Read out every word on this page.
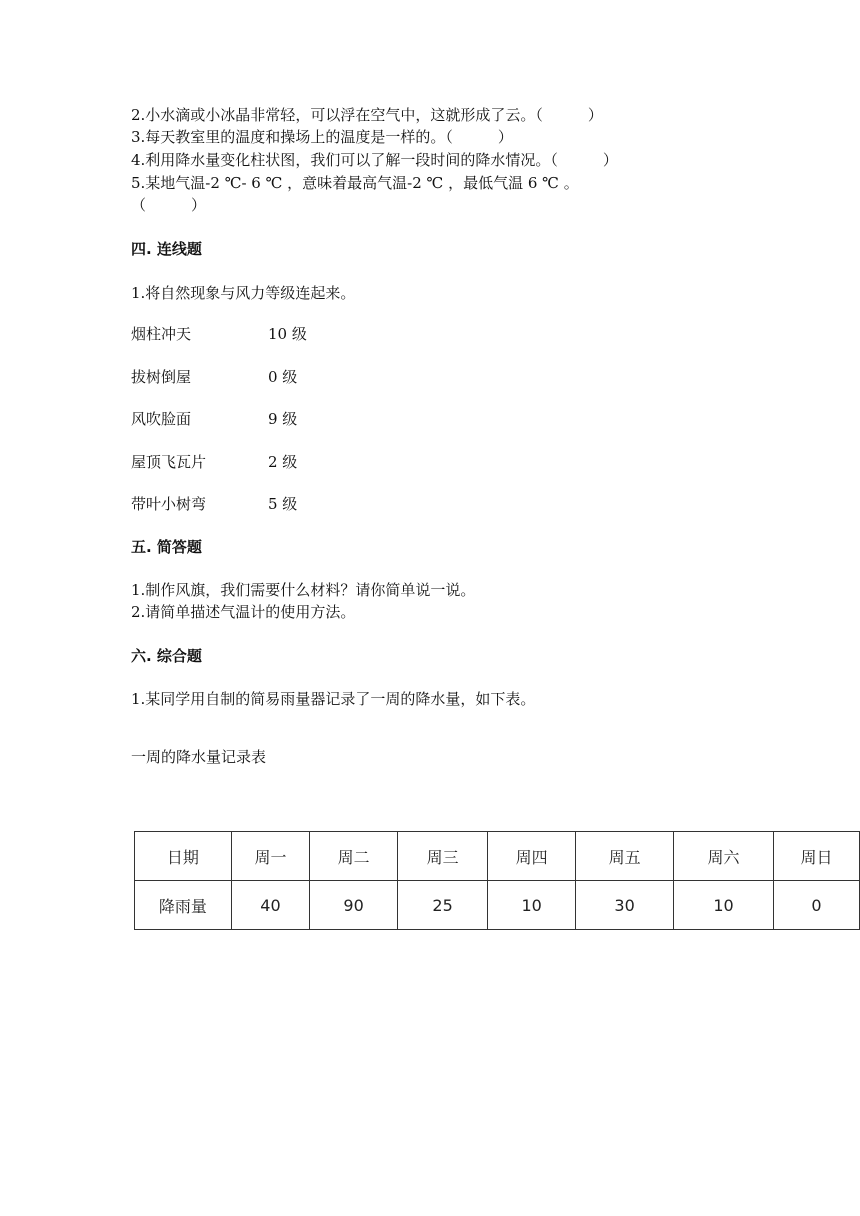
2.小水滴或小冰晶非常轻，可以浮在空气中，这就形成了云。（　　　）
3.每天教室里的温度和操场上的温度是一样的。（　　　）
4.利用降水量变化柱状图，我们可以了解一段时间的降水情况。（　　　）
5.某地气温-2 ℃- 6 ℃ ，意味着最高气温-2 ℃ ，最低气温 6 ℃ 。
（　　　）
四. 连线题
1.将自然现象与风力等级连起来。
烟柱冲天	10 级
拔树倒屋	0 级
风吹脸面	9 级
屋顶飞瓦片	2 级
带叶小树弯	5 级
五. 简答题
1.制作风旗，我们需要什么材料？请你简单说一说。
2.请简单描述气温计的使用方法。
六. 综合题
1.某同学用自制的简易雨量器记录了一周的降水量，如下表。
一周的降水量记录表
日期	周一	周二	周三	周四	周五	周六	周日
降雨量	40	90	25	10	30	10	0
